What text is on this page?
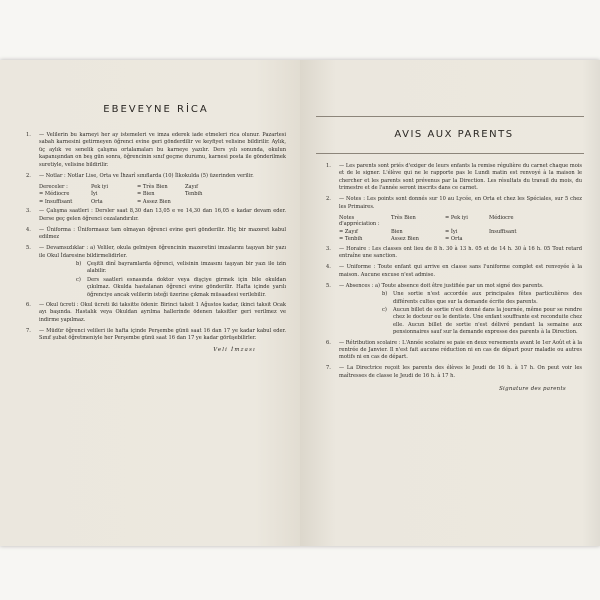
EBEVEYNE RİCA
1.	— Velilerin bu karneyi her ay istemeleri ve imza ederek iade etmeleri rica olunur. Pazartesi sabah karnesini getirmeyen öğrenci evine geri gönderdilir ve keyfiyet velisine bildirilir. Aylık, üç aylık ve senelik çalışma ortalamaları bu karneye yazılır. Ders yılı sonunda, okulun kapanışından on beş gün sonra, öğrencinin sınıf geçme durumu, karnesi posta ile gönderilmek suretiyle, velisine bildirilir.
2.	— Notlar : Notlar Lise, Orta ve İhzarî sınıflarda (10) İlkokulda (5) üzerinden verilir.
Dereceler :	Pek iyi	= Très Bien	Zayıf
= Médiocre	İyi	= Bien	Tenbih
= Insuffisant	Orta	= Assez Bien
3.	— Çalışma saatleri : Dersler saat 8,30 dan 13,05 e ve 14,30 dan 16,05 e kadar devam eder. Derse geç gelen öğrenci cezalandırılır.
4.	— Üniforma : Üniformasız tam olmayan öğrenci evine geri gönderilir. Hiç bir mazeret kabul edilmez
5.	— Devamsızlıklar : a) Veliler, okula gelmiyen öğrencinin mazeretini imzalarını taşıyan bir yazı ile Okul İdaresine bildirmelidirler.
b)	Çeşitli dinî bayramlarda öğrenci, velisinin imzasını taşıyan bir yazı ile izin alabilir.
c)	Ders saatleri esnasında doktor veya dişçiye girmek için bile okuldan çıkılmaz. Okulda hastalanan öğrenci evine gönderilir. Hafta içinde yarılı öğrenciye ancak velilerin isteği üzerine çıkmak müsaadesi verilebilir.
6.	— Okul ücreti : Okul ücreti iki taksitte ödenir. Birinci taksit 1 Ağustos kadar, ikinci taksit Ocak ayı başında. Hastalık veya Okuldan ayrılma hallerinde ödenen taksitler geri verilmez ve indirme yapılmaz.
7.	— Müdür öğrenci velileri ile hafta içinde Perşembe günü saat 16 dan 17 ye kadar kabul eder. Sınıf şubat öğretmeniyle her Perşembe günü saat 16 dan 17 ye kadar görüşebilirler.
Veli İmzası
AVIS AUX PARENTS
1.	— Les parents sont priés d'exiger de leurs enfants la remise régulière du carnet chaque mois et de le signer. L'élève qui ne le rapporte pas le Lundi matin est renvoyé à la maison le chercher et les parents sont prévenus par la Direction. Les résultats du travail du mois, du trimestre et de l'année seront inscrits dans ce carnet.
2.	— Notes : Les points sont donnés sur 10 au Lycée, en Orta et chez les Spéciales, sur 5 chez les Primaires.
Notes d'appréciation :
Très Bien	= Pek iyi	Médiocre
= Zayıf	Bien	= İyi	Insuffisant
= Tenbih	Assez Bien	= Orta
3.	— Horaire : Les classes ont lieu de 8 h. 30 à 13 h. 05 et de 14 h. 30 à 16 h. 05 Tout retard entraîne une sanction.
4.	— Uniforme : Toute enfant qui arrive en classe sans l'uniforme complet est renvoyée à la maison. Aucune excuse n'est admise.
5.	— Absences : a) Toute absence doit être justifiée par un mot signé des parents.
b)	Une sortie n'est accordée aux principales fêtes particulières des différents cultes que sur la demande écrite des parents.
c)	Aucun billet de sortie n'est donné dans la journée, même pour se rendre chez le docteur ou le dentiste. Une enfant souffrante est reconduite chez elle. Aucun billet de sortie n'est délivré pendant la semaine aux pensionnaires sauf sur la demande expresse des parents à la Direction.
6.	— Rétribution scolaire : L'Année scolaire se paie en deux versements avant le 1er Août et à la rentrée de Janvier. Il n'est fait aucune réduction ni en cas de départ pour maladie ou autres motifs ni en cas de départ.
7.	— La Directrice reçoit les parents des élèves le Jeudi de 16 h. à 17 h. On peut voir les maîtresses de classe le Jeudi de 16 h. à 17 h.
Signature des parents
